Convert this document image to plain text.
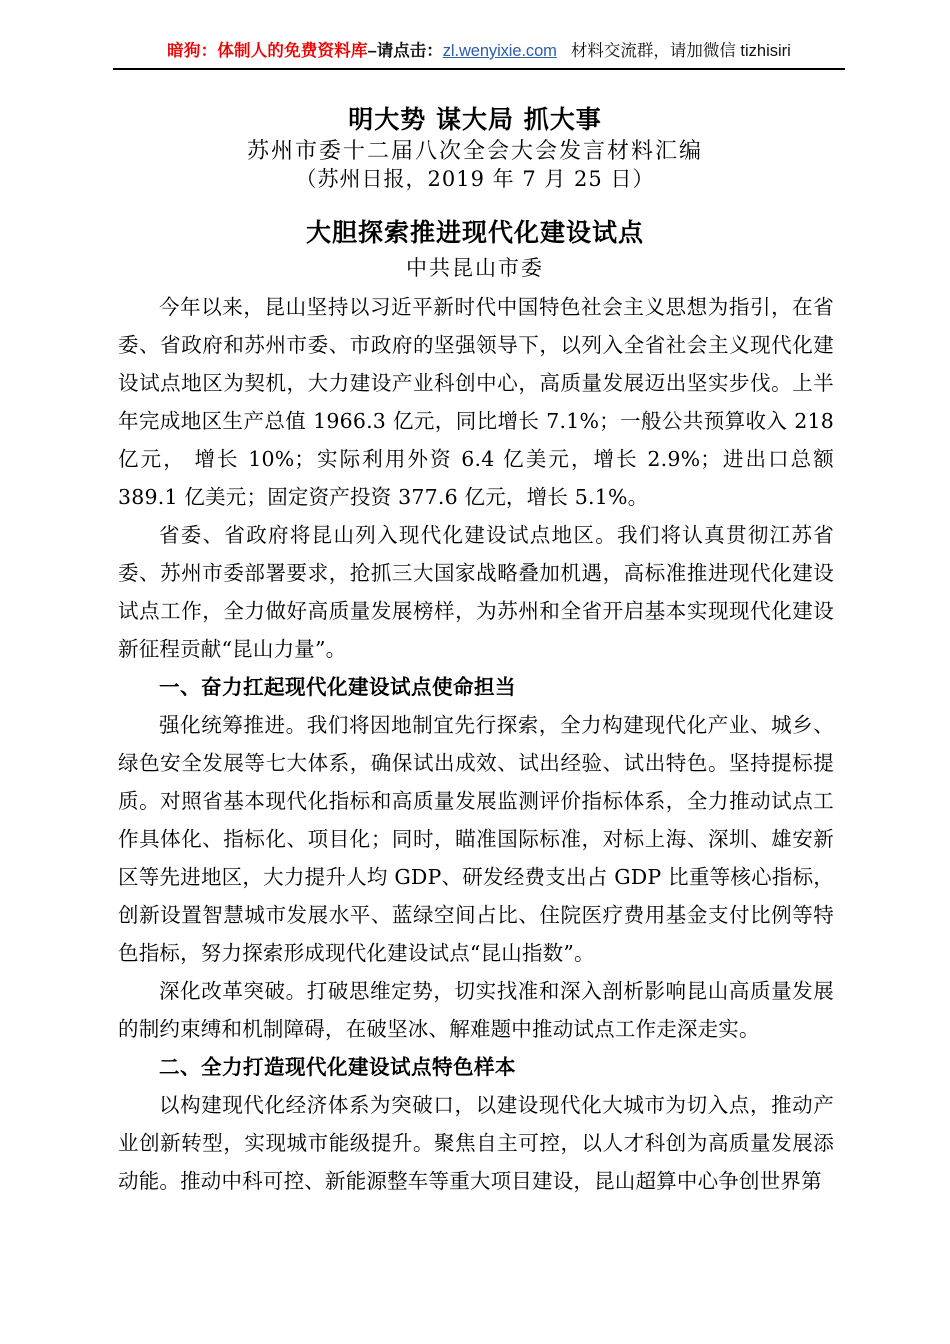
暗狗：体制人的免费资料库–请点击：zl.wenyixie.com 材料交流群，请加微信 tizhisiri
明大势 谋大局 抓大事
苏州市委十二届八次全会大会发言材料汇编
（苏州日报，2019 年 7 月 25 日）
大胆探索推进现代化建设试点
中共昆山市委

今年以来，昆山坚持以习近平新时代中国特色社会主义思想为指引，在省委、省政府和苏州市委、市政府的坚强领导下，以列入全省社会主义现代化建设试点地区为契机，大力建设产业科创中心，高质量发展迈出坚实步伐。上半年完成地区生产总值 1966.3 亿元，同比增长 7.1%；一般公共预算收入 218 亿元， 增长 10%；实际利用外资 6.4 亿美元，增长 2.9%；进出口总额 389.1 亿美元；固定资产投资 377.6 亿元，增长 5.1%。

省委、省政府将昆山列入现代化建设试点地区。我们将认真贯彻江苏省委、苏州市委部署要求，抢抓三大国家战略叠加机遇，高标准推进现代化建设试点工作，全力做好高质量发展榜样，为苏州和全省开启基本实现现代化建设新征程贡献“昆山力量”。

一、奋力扛起现代化建设试点使命担当

强化统筹推进。我们将因地制宜先行探索，全力构建现代化产业、城乡、绿色安全发展等七大体系，确保试出成效、试出经验、试出特色。坚持提标提质。对照省基本现代化指标和高质量发展监测评价指标体系，全力推动试点工作具体化、指标化、项目化；同时，瞄准国际标准，对标上海、深圳、雄安新区等先进地区，大力提升人均 GDP、研发经费支出占 GDP 比重等核心指标，创新设置智慧城市发展水平、蓝绿空间占比、住院医疗费用基金支付比例等特色指标，努力探索形成现代化建设试点“昆山指数”。

深化改革突破。打破思维定势，切实找准和深入剖析影响昆山高质量发展的制约束缚和机制障碍，在破坚冰、解难题中推动试点工作走深走实。

二、全力打造现代化建设试点特色样本

以构建现代化经济体系为突破口，以建设现代化大城市为切入点，推动产业创新转型，实现城市能级提升。聚焦自主可控，以人才科创为高质量发展添动能。推动中科可控、新能源整车等重大项目建设，昆山超算中心争创世界第
